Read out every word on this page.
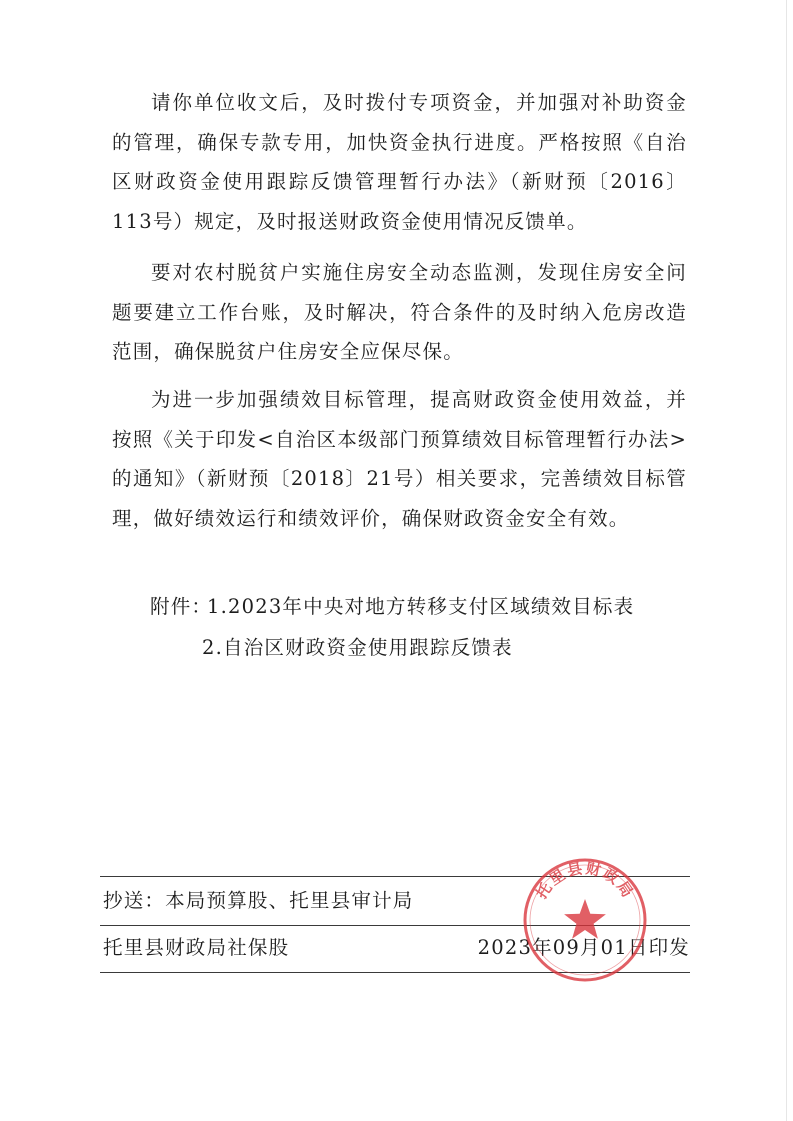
请你单位收文后，及时拨付专项资金，并加强对补助资金的管理，确保专款专用，加快资金执行进度。严格按照《自治区财政资金使用跟踪反馈管理暂行办法》（新财预〔2016〕113号）规定，及时报送财政资金使用情况反馈单。

要对农村脱贫户实施住房安全动态监测，发现住房安全问题要建立工作台账，及时解决，符合条件的及时纳入危房改造范围，确保脱贫户住房安全应保尽保。

为进一步加强绩效目标管理，提高财政资金使用效益，并按照《关于印发<自治区本级部门预算绩效目标管理暂行办法>的通知》（新财预〔2018〕21号）相关要求，完善绩效目标管理，做好绩效运行和绩效评价，确保财政资金安全有效。

附件：
1.2023年中央对地方转移支付区域绩效目标表
2.自治区财政资金使用跟踪反馈表
抄送：本局预算股、托里县审计局
托里县财政局社保股	2023年09月01日印发
托里县财政局
